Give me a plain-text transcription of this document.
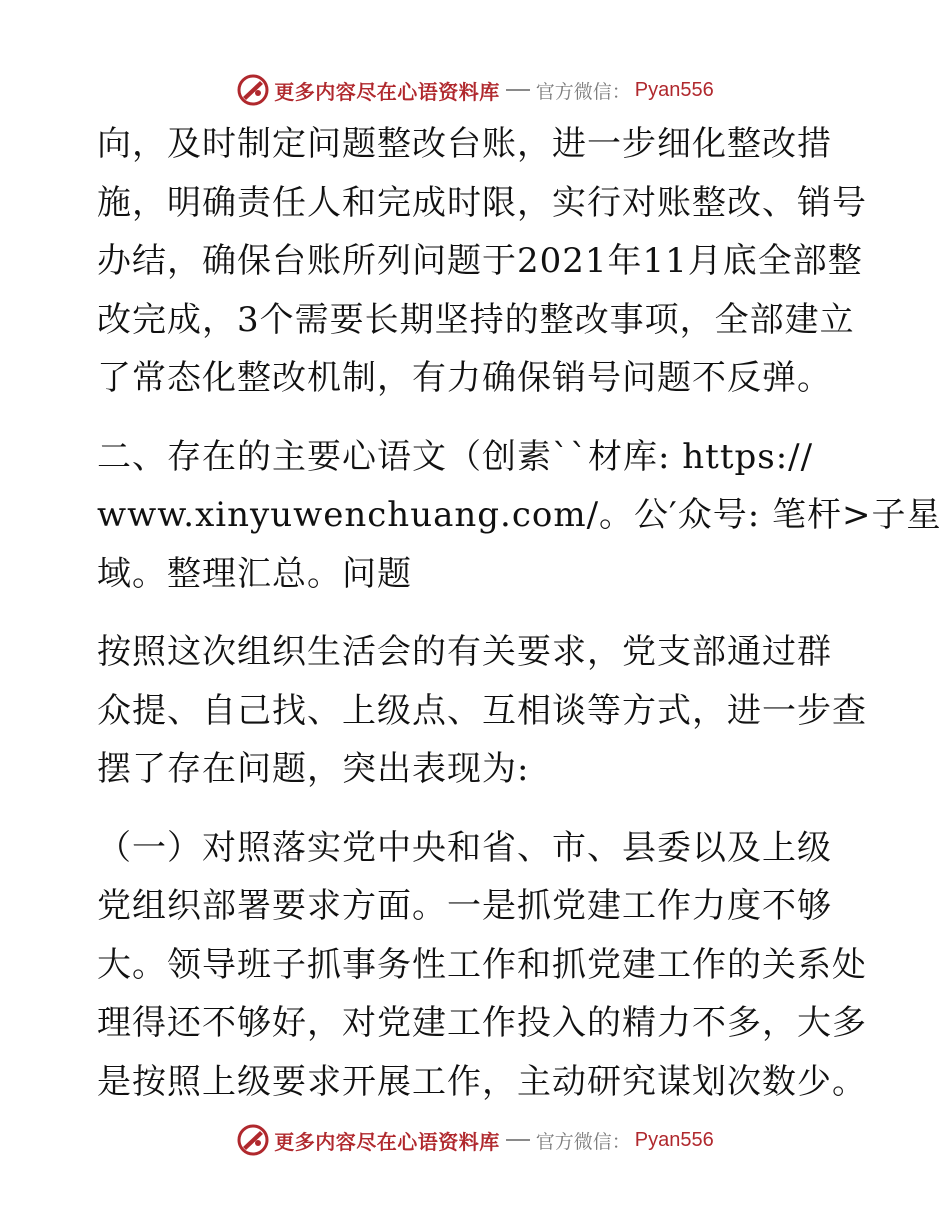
更多内容尽在心语资料库 官方微信： Pyan556
向，及时制定问题整改台账，进一步细化整改措
施，明确责任人和完成时限，实行对账整改、销号
办结，确保台账所列问题于2021年11月底全部整
改完成，3个需要长期坚持的整改事项，全部建立
了常态化整改机制，有力确保销号问题不反弹。
二、存在的主要心语文（创素``材库: https://
www.xinyuwenchuang.com/。公′众号: 笔杆>子星
域。整理汇总。问题
按照这次组织生活会的有关要求，党支部通过群
众提、自己找、上级点、互相谈等方式，进一步查
摆了存在问题，突出表现为:
（一）对照落实党中央和省、市、县委以及上级
党组织部署要求方面。一是抓党建工作力度不够
大。领导班子抓事务性工作和抓党建工作的关系处
理得还不够好，对党建工作投入的精力不多，大多
是按照上级要求开展工作，主动研究谋划次数少。
更多内容尽在心语资料库 官方微信： Pyan556
